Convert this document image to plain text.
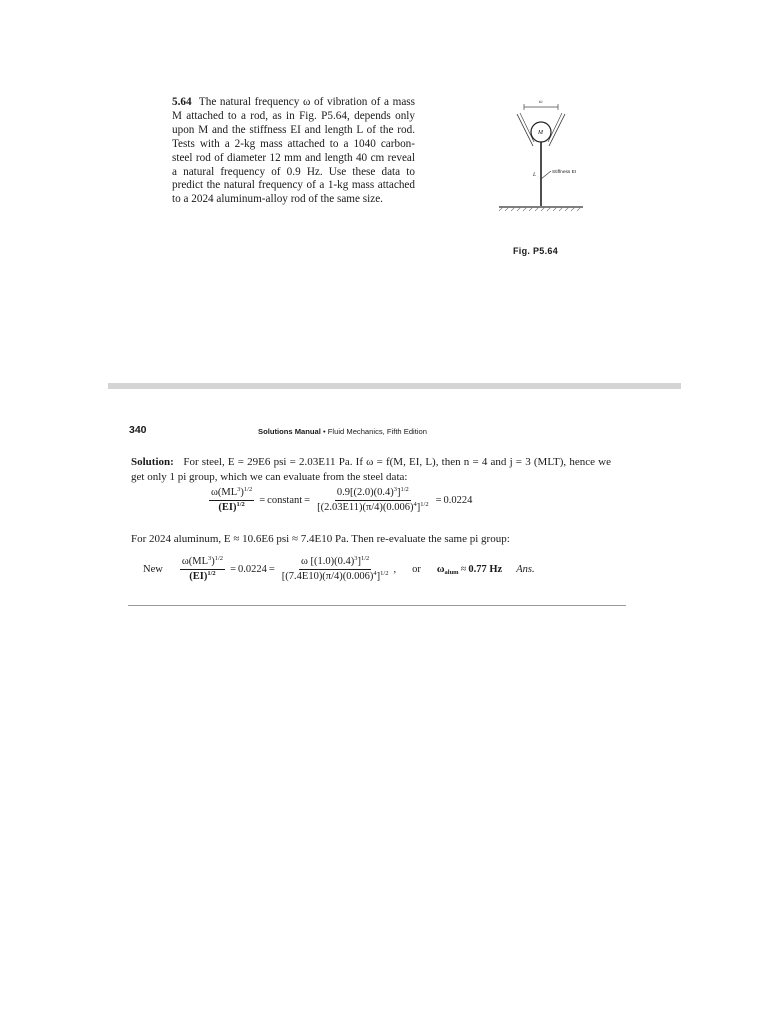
5.64 The natural frequency ω of vibration of a mass M attached to a rod, as in Fig. P5.64, depends only upon M and the stiffness EI and length L of the rod. Tests with a 2-kg mass attached to a 1040 carbon-steel rod of diameter 12 mm and length 40 cm reveal a natural frequency of 0.9 Hz. Use these data to predict the natural frequency of a 1-kg mass attached to a 2024 aluminum-alloy rod of the same size.

ω
M
L	Stiffness EI
Fig. P5.64
340	Solutions Manual • Fluid Mechanics, Fifth Edition
Solution: For steel, E = 29E6 psi = 2.03E11 Pa. If ω = f(M, EI, L), then n = 4 and j = 3 (MLT), hence we get only 1 pi group, which we can evaluate from the steel data:
$\frac{\omega(ML^3)^{1/2}}{(EI)^{1/2}}$ = constant = $\frac{0.9[(2.0)(0.4)^3]^{1/2}}{[(2.03E11)(\pi/4)(0.006)^4]^{1/2}} = 0.0224$
For 2024 aluminum, E ≈ 10.6E6 psi ≈ 7.4E10 Pa. Then re-evaluate the same pi group:
New $\frac{\omega(ML^3)^{1/2}}{(EI)^{1/2}} = 0.0224 = \frac{\omega [(1.0)(0.4)^3]^{1/2}}{[(7.4E10)(\pi/4)(0.006)^4]^{1/2}}$ , or $\omega_{alum} \approx 0.77$ Hz Ans.
